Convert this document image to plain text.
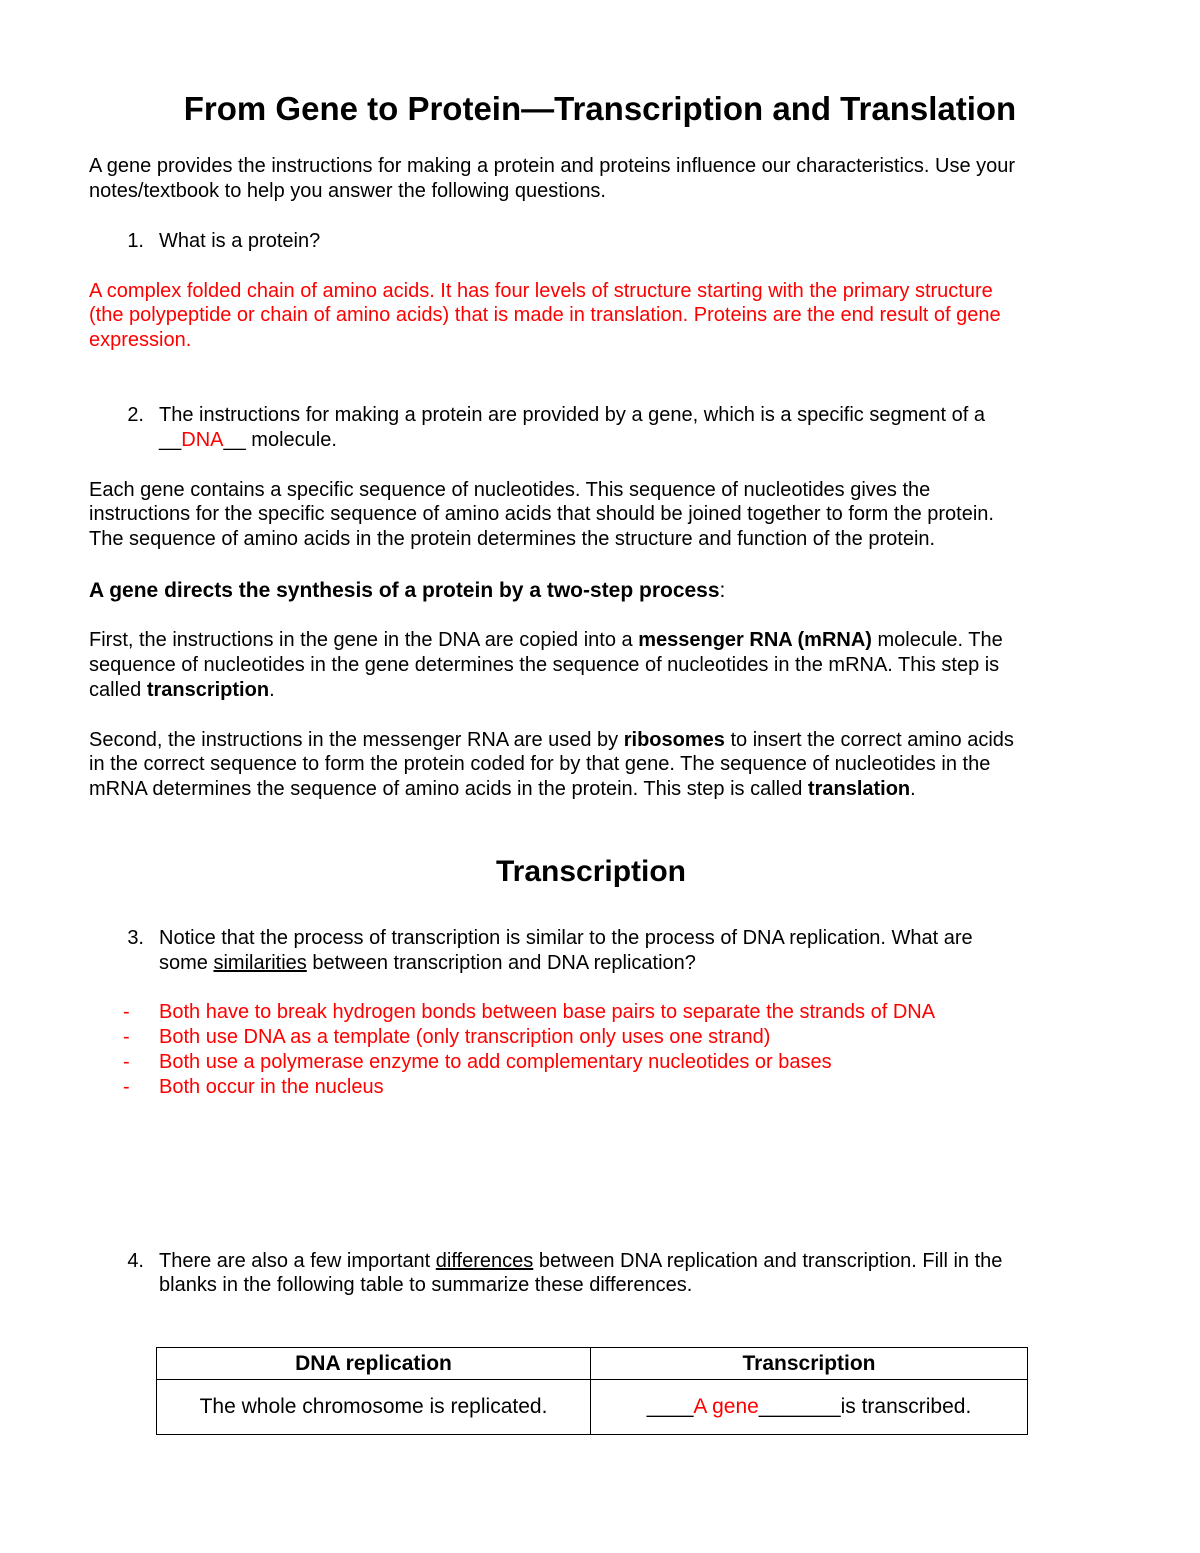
From Gene to Protein—Transcription and Translation
A gene provides the instructions for making a protein and proteins influence our characteristics. Use your
notes/textbook to help you answer the following questions.
1. What is a protein?
A complex folded chain of amino acids. It has four levels of structure starting with the primary structure
(the polypeptide or chain of amino acids) that is made in translation. Proteins are the end result of gene
expression.
2. The instructions for making a protein are provided by a gene, which is a specific segment of a
__DNA__ molecule.
Each gene contains a specific sequence of nucleotides. This sequence of nucleotides gives the
instructions for the specific sequence of amino acids that should be joined together to form the protein.
The sequence of amino acids in the protein determines the structure and function of the protein.
A gene directs the synthesis of a protein by a two-step process:
First, the instructions in the gene in the DNA are copied into a messenger RNA (mRNA) molecule. The
sequence of nucleotides in the gene determines the sequence of nucleotides in the mRNA. This step is
called transcription.
Second, the instructions in the messenger RNA are used by ribosomes to insert the correct amino acids
in the correct sequence to form the protein coded for by that gene. The sequence of nucleotides in the
mRNA determines the sequence of amino acids in the protein. This step is called translation.
Transcription
3. Notice that the process of transcription is similar to the process of DNA replication. What are
some similarities between transcription and DNA replication?
- Both have to break hydrogen bonds between base pairs to separate the strands of DNA
- Both use DNA as a template (only transcription only uses one strand)
- Both use a polymerase enzyme to add complementary nucleotides or bases
- Both occur in the nucleus
4. There are also a few important differences between DNA replication and transcription. Fill in the
blanks in the following table to summarize these differences.
DNA replication	Transcription
The whole chromosome is replicated.	____A gene_______is transcribed.
